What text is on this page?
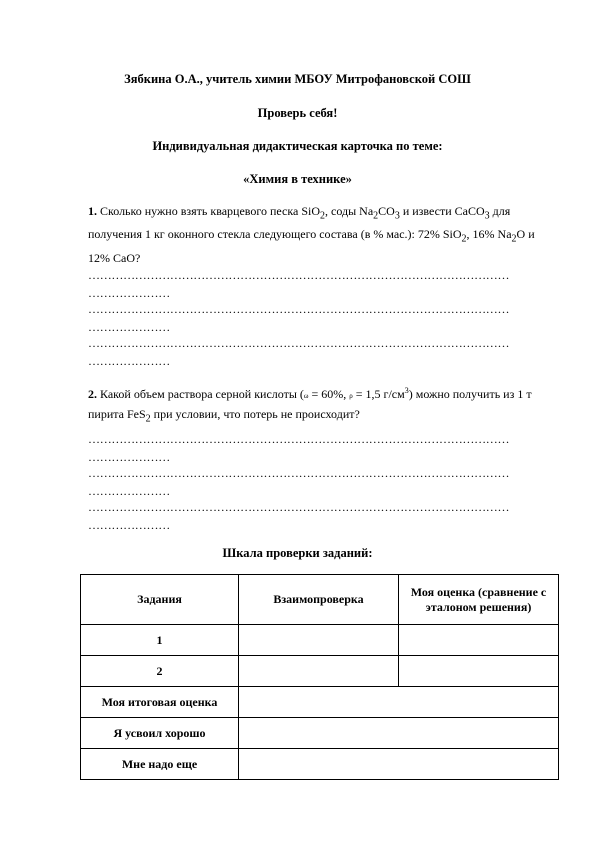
Зябкина О.А., учитель химии МБОУ Митрофановской СОШ
Проверь себя!
Индивидуальная дидактическая карточка по теме:
«Химия в технике»
1. Сколько нужно взять кварцевого песка SiO$_2$, соды $Na_2CO_3$ и извести CaCO$_3$ для получения 1 кг оконного стекла следующего состава (в % мас.): 72% SiO$_2$, 16% $Na_2O$ и 12% CaO?
………………………………………………………………………………………………
…………………
………………………………………………………………………………………………
…………………
………………………………………………………………………………………………
…………………
2. Какой объем раствора серной кислоты (ω = 60%, ρ = 1,5 $г/см^3$) можно получить из 1 т пирита FeS$_2$ при условии, что потерь не происходит?
………………………………………………………………………………………………
…………………
………………………………………………………………………………………………
…………………
………………………………………………………………………………………………
…………………
Шкала проверки заданий:
Задания	Взаимопроверка	Моя оценка (сравнение с эталоном решения)
1		
2		
Моя итоговая оценка		
Я усвоил хорошо		
Мне надо еще		
